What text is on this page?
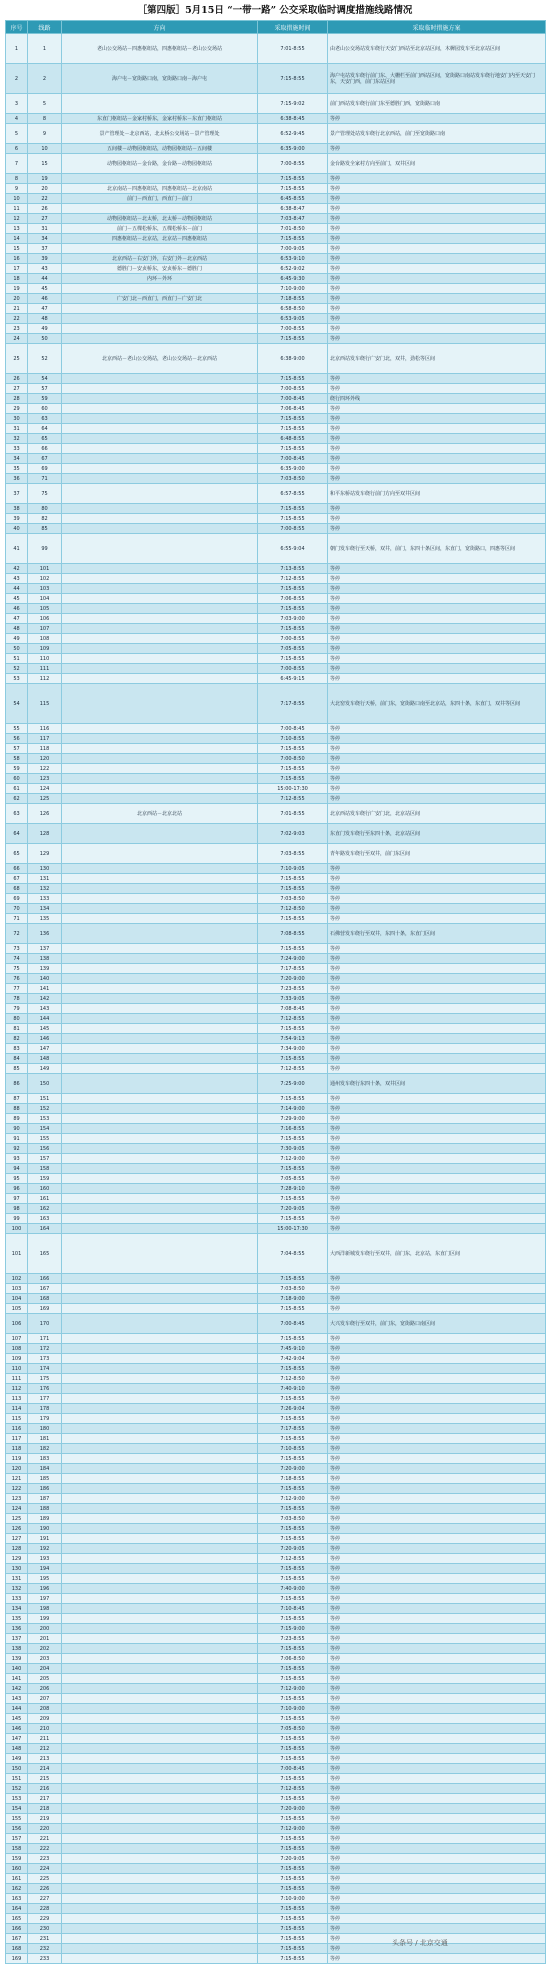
［第四版］5月15日 “一带一路” 公交采取临时调度措施线路情况
序号	线路	方向	采取措施时间	采取临时措施方案
1	1	老山公交场站－四惠枢纽站，四惠枢纽站－老山公交场站	7:01-8:55	由老山公交场站发车绕行天安门西站至北京站区间，木樨园发车至北京站区间
2	2	海户屯－宽街路口南，宽街路口南－海户屯	7:15-8:55	海户屯站发车绕行前门东、大栅栏至前门西站区间，宽街路口南站发车绕行地安门内至天安门东，天安门西，前门东站区间
3	5		7:15-9:02	前门西站发车绕行前门东至德胜门西，宽街路口南
4	8	东直门枢纽站－金家村桥东，金家村桥东－东直门枢纽站	6:38-8:45	等停
5	9	景产管理处－北京西站，北太桥公交场站－景产管理处	6:52-9:45	景产管理处站发车绕行北京西站，前门至宽街路口南
6	10	五间楼－动物园枢纽站，动物园枢纽站－五间楼	6:35-9:00	等停
7	15	动物园枢纽站－金台路，金台路－动物园枢纽站	7:00-8:55	金台路发全家村方向至前门，双井区间
8	19		7:15-8:55	等停
9	20	北京南站－四惠枢纽站，四惠枢纽站－北京南站	7:15-8:55	等停
10	22	前门－西直门，西直门－前门	6:45-8:55	等停
11	26		6:38-8:47	等停
12	27	动物园枢纽站－北太桥，北太桥－动物园枢纽站	7:03-8:47	等停
13	31	前门－五棵松桥东，五棵松桥东－前门	7:01-8:50	等停
14	34	四惠枢纽站－北京站，北京站－四惠枢纽站	7:15-8:55	等停
15	37		7:00-9:05	等停
16	39	北京西站－右安门外，右安门外－北京西站	6:53-9:10	等停
17	43	德胜门－安贞桥东，安贞桥东－德胜门	6:52-9:02	等停
18	44	内环－外环	6:45-9:30	等停
19	45		7:10-9:00	等停
20	46	广安门北－西直门，西直门－广安门北	7:18-8:55	等停
21	47		6:58-8:50	等停
22	48		6:53-9:05	等停
23	49		7:00-8:55	等停
24	50		7:15-8:55	等停
25	52	北京西站－老山公交场站，老山公交场站－北京西站	6:38-9:00	北京西站发车绕行广安门北，双井，劲松等区间
26	54		7:15-8:55	等停
27	57		7:00-8:55	等停
28	59		7:00-8:45	绕行四环外线
29	60		7:06-8:45	等停
30	63		7:15-8:55	等停
31	64		7:15-8:55	等停
32	65		6:48-8:55	等停
33	66		7:15-8:55	等停
34	67		7:00-8:45	等停
35	69		6:35-9:00	等停
36	71		7:03-8:50	等停
37	75		6:57-8:55	和平东桥站发车绕行前门方向至双井区间
38	80		7:15-8:55	等停
39	82		7:15-8:55	等停
40	85		7:00-8:55	等停
41	99		6:55-9:04	朝门发车绕行至天桥，双井，前门，东四十条区间，东直门，宽街路口，四惠等区间
42	101		7:13-8:55	等停
43	102		7:12-8:55	等停
44	103		7:15-8:55	等停
45	104		7:06-8:55	等停
46	105		7:15-8:55	等停
47	106		7:03-9:00	等停
48	107		7:15-8:55	等停
49	108		7:00-8:55	等停
50	109		7:05-8:55	等停
51	110		7:15-8:55	等停
52	111		7:00-8:55	等停
53	112		6:45-9:15	等停
54	115		7:17-8:55	大北窑发车绕行天桥，前门东，宽街路口南至北京站，东四十条，东直门，双井等区间
55	116		7:00-8:45	等停
56	117		7:10-8:55	等停
57	118		7:15-8:55	等停
58	120		7:00-8:50	等停
59	122		7:15-8:55	等停
60	123		7:15-8:55	等停
61	124		15:00-17:30	等停
62	125		7:12-8:55	等停
63	126	北京西站－北京北站	7:01-8:55	北京西站发车绕行广安门北，北京站区间
64	128		7:02-9:03	东直门发车绕行至东四十条，北京站区间
65	129		7:03-8:55	青年路发车绕行至双井，前门东区间
66	130		7:10-9:05	等停
67	131		7:15-8:55	等停
68	132		7:15-8:55	等停
69	133		7:03-8:50	等停
70	134		7:12-8:50	等停
71	135		7:15-8:55	等停
72	136		7:08-8:55	石佛营发车绕行至双井，东四十条，东直门区间
73	137		7:15-8:55	等停
74	138		7:24-9:00	等停
75	139		7:17-8:55	等停
76	140		7:20-9:00	等停
77	141		7:23-8:55	等停
78	142		7:33-9:05	等停
79	143		7:08-8:45	等停
80	144		7:12-8:55	等停
81	145		7:15-8:55	等停
82	146		7:54-9:13	等停
83	147		7:34-9:00	等停
84	148		7:15-8:55	等停
85	149		7:12-8:55	等停
86	150		7:25-9:00	通州发车绕行东四十条，双井区间
87	151		7:15-8:55	等停
88	152		7:14-9:00	等停
89	153		7:29-9:00	等停
90	154		7:16-8:55	等停
91	155		7:15-8:55	等停
92	156		7:30-9:05	等停
93	157		7:12-9:00	等停
94	158		7:15-8:55	等停
95	159		7:05-8:55	等停
96	160		7:28-9:10	等停
97	161		7:15-8:55	等停
98	162		7:20-9:05	等停
99	163		7:15-8:55	等停
100	164		15:00-17:30	等停
101	165		7:04-8:55	大西洋新城发车绕行至双井，前门东，北京站，东直门区间
102	166		7:15-8:55	等停
103	167		7:03-8:50	等停
104	168		7:18-9:00	等停
105	169		7:15-8:55	等停
106	170		7:00-8:45	大兴发车绕行至双井，前门东，宽街路口南区间
107	171		7:15-8:55	等停
108	172		7:45-9:10	等停
109	173		7:42-9:04	等停
110	174		7:15-8:55	等停
111	175		7:12-8:50	等停
112	176		7:40-9:10	等停
113	177		7:15-8:55	等停
114	178		7:26-9:04	等停
115	179		7:15-8:55	等停
116	180		7:17-8:55	等停
117	181		7:15-8:55	等停
118	182		7:10-8:55	等停
119	183		7:15-8:55	等停
120	184		7:20-9:00	等停
121	185		7:18-8:55	等停
122	186		7:15-8:55	等停
123	187		7:12-9:00	等停
124	188		7:15-8:55	等停
125	189		7:03-8:50	等停
126	190		7:15-8:55	等停
127	191		7:15-8:55	等停
128	192		7:20-9:05	等停
129	193		7:12-8:55	等停
130	194		7:15-8:55	等停
131	195		7:15-8:55	等停
132	196		7:40-9:00	等停
133	197		7:15-8:55	等停
134	198		7:10-8:45	等停
135	199		7:15-8:55	等停
136	200		7:15-9:00	等停
137	201		7:23-8:55	等停
138	202		7:15-8:55	等停
139	203		7:06-8:50	等停
140	204		7:15-8:55	等停
141	205		7:15-8:55	等停
142	206		7:12-9:00	等停
143	207		7:15-8:55	等停
144	208		7:10-9:00	等停
145	209		7:15-8:55	等停
146	210		7:05-8:50	等停
147	211		7:15-8:55	等停
148	212		7:15-8:55	等停
149	213		7:15-8:55	等停
150	214		7:00-8:45	等停
151	215		7:15-8:55	等停
152	216		7:12-8:55	等停
153	217		7:15-8:55	等停
154	218		7:20-9:00	等停
155	219		7:15-8:55	等停
156	220		7:12-9:00	等停
157	221		7:15-8:55	等停
158	222		7:15-8:55	等停
159	223		7:20-9:05	等停
160	224		7:15-8:55	等停
161	225		7:15-8:55	等停
162	226		7:15-8:55	等停
163	227		7:10-9:00	等停
164	228		7:15-8:55	等停
165	229		7:15-8:55	等停
166	230		7:15-8:55	等停
167	231		7:15-8:55	等停
168	232		7:15-8:55	等停
169	233		7:15-8:55	等停
头条号 / 北京交通
